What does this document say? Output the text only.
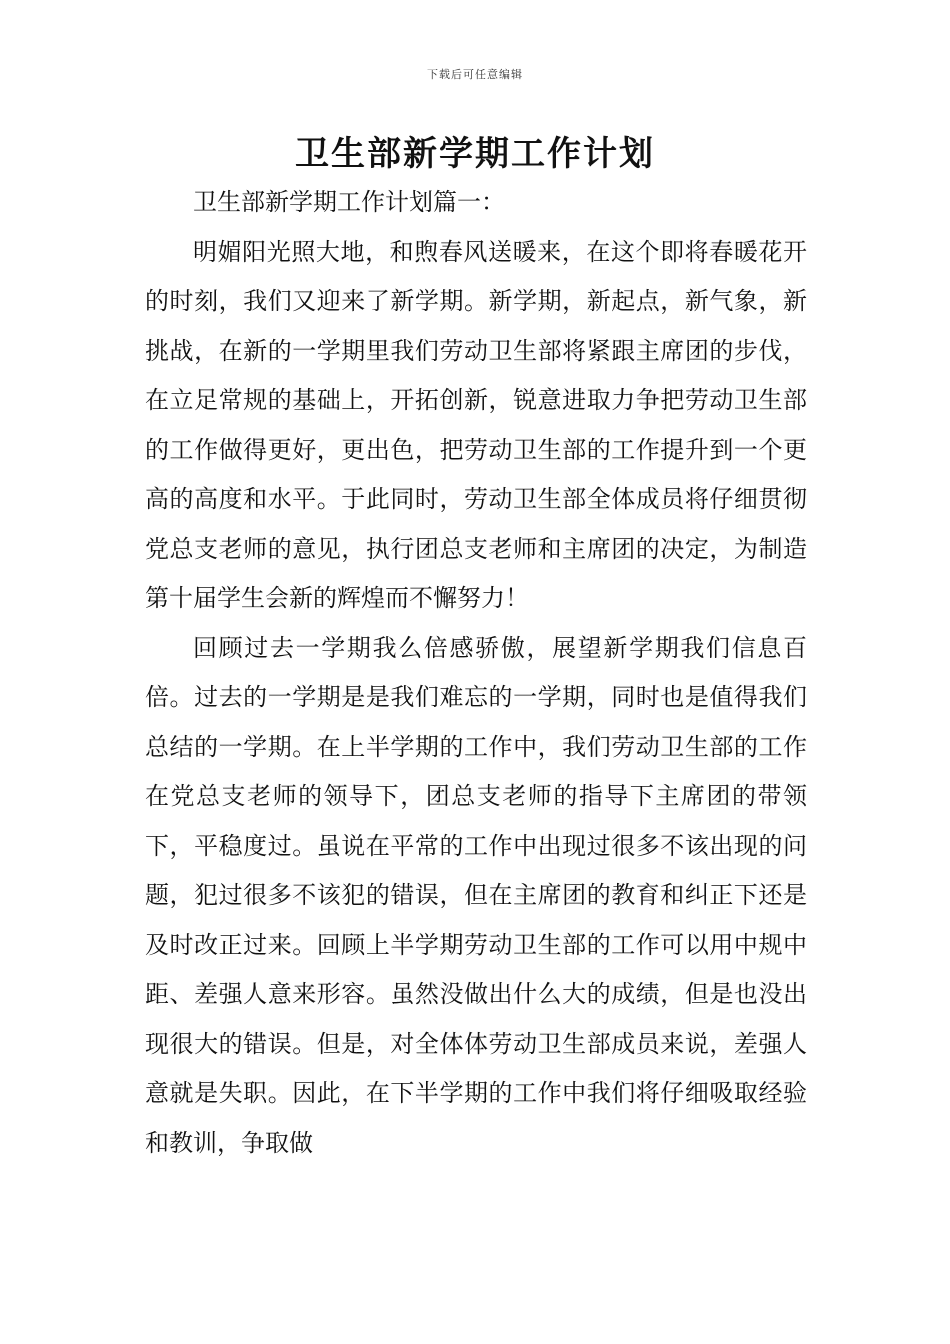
下载后可任意编辑
卫生部新学期工作计划

卫生部新学期工作计划篇一：

明媚阳光照大地，和煦春风送暖来，在这个即将春暖花开的时刻，我们又迎来了新学期。新学期，新起点，新气象，新挑战，在新的一学期里我们劳动卫生部将紧跟主席团的步伐，在立足常规的基础上，开拓创新，锐意进取力争把劳动卫生部的工作做得更好，更出色，把劳动卫生部的工作提升到一个更高的高度和水平。于此同时，劳动卫生部全体成员将仔细贯彻党总支老师的意见，执行团总支老师和主席团的决定，为制造第十届学生会新的辉煌而不懈努力！

回顾过去一学期我么倍感骄傲，展望新学期我们信息百倍。过去的一学期是是我们难忘的一学期，同时也是值得我们总结的一学期。在上半学期的工作中，我们劳动卫生部的工作在党总支老师的领导下，团总支老师的指导下主席团的带领下，平稳度过。虽说在平常的工作中出现过很多不该出现的问题，犯过很多不该犯的错误，但在主席团的教育和纠正下还是及时改正过来。回顾上半学期劳动卫生部的工作可以用中规中距、差强人意来形容。虽然没做出什么大的成绩，但是也没出现很大的错误。但是，对全体体劳动卫生部成员来说，差强人意就是失职。因此，在下半学期的工作中我们将仔细吸取经验和教训，争取做
